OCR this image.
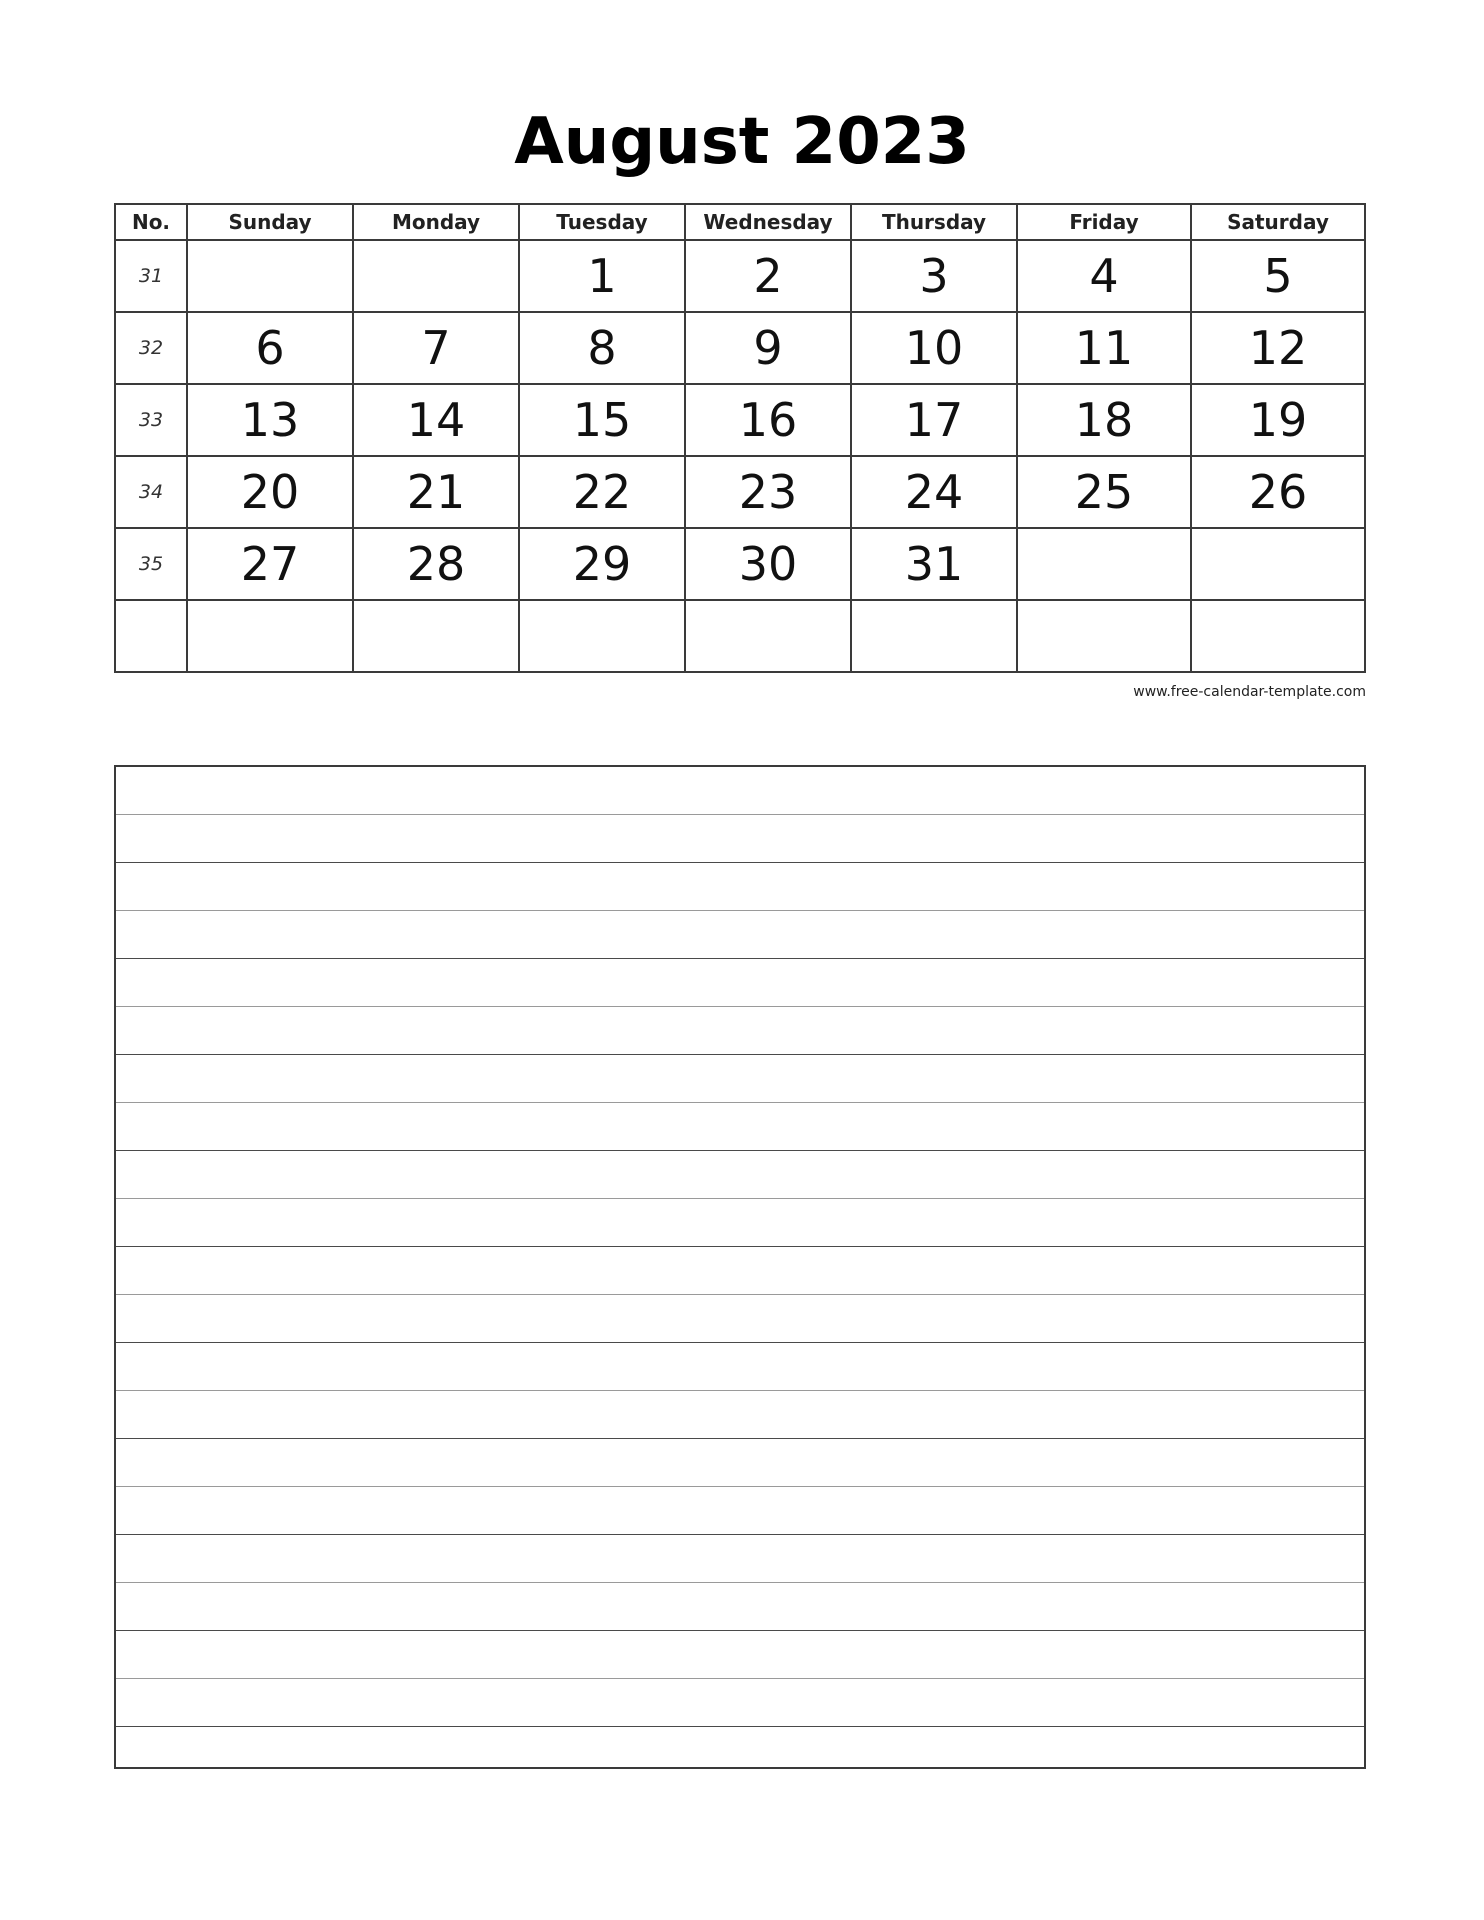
August 2023
No.	Sunday	Monday	Tuesday	Wednesday	Thursday	Friday	Saturday
31			1	2	3	4	5
32	6	7	8	9	10	11	12
33	13	14	15	16	17	18	19
34	20	21	22	23	24	25	26
35	27	28	29	30	31		

www.free-calendar-template.com
